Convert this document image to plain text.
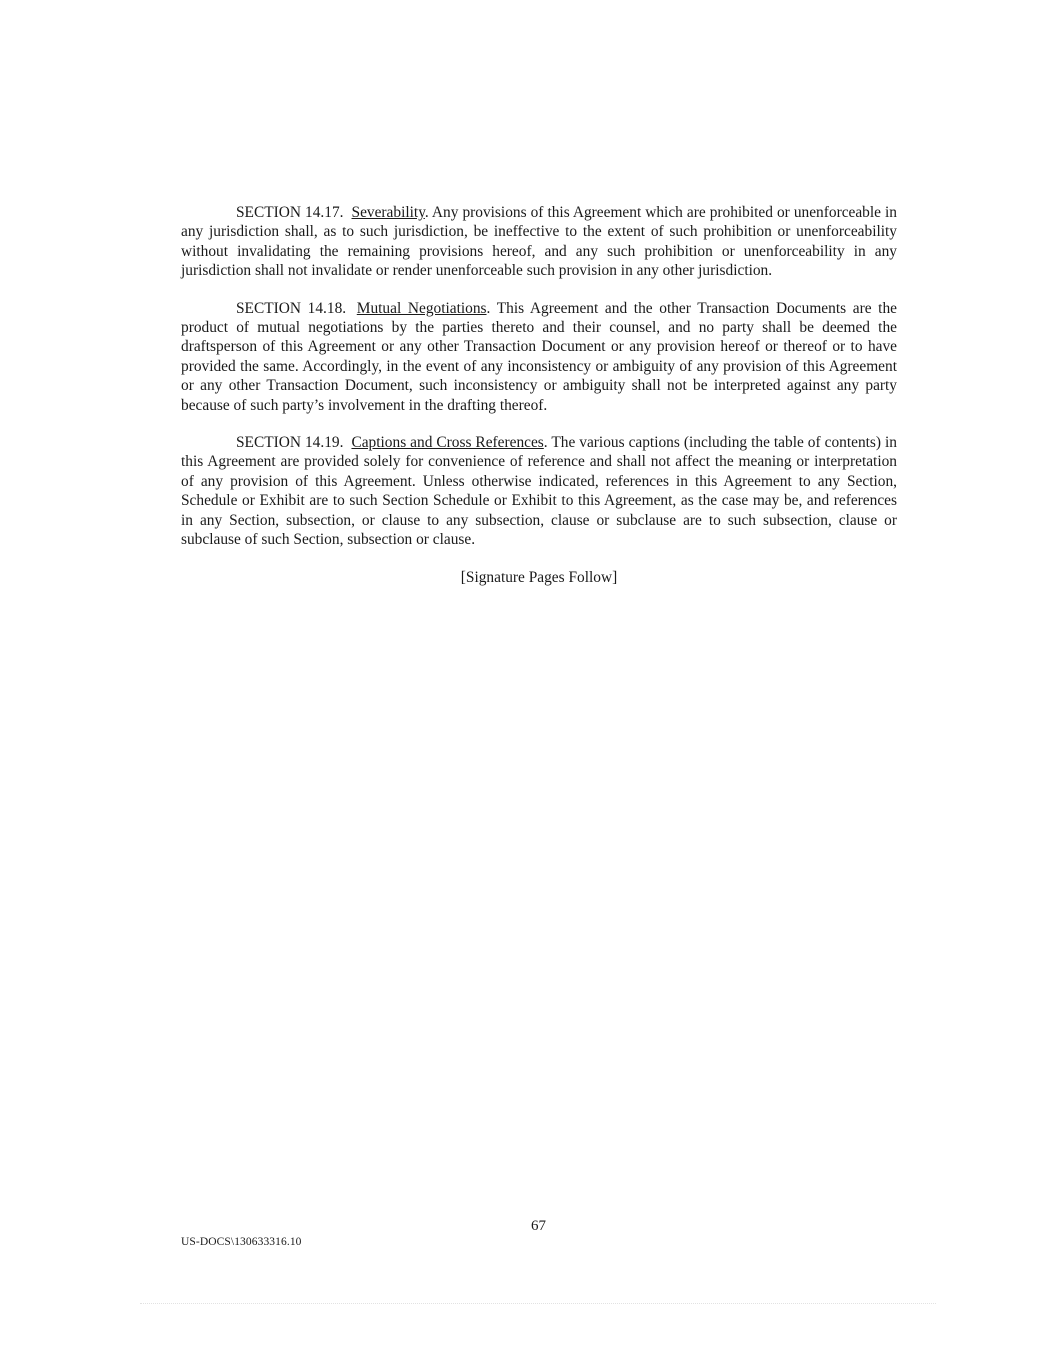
SECTION 14.17. Severability. Any provisions of this Agreement which are prohibited or unenforceable in any jurisdiction shall, as to such jurisdiction, be ineffective to the extent of such prohibition or unenforceability without invalidating the remaining provisions hereof, and any such prohibition or unenforceability in any jurisdiction shall not invalidate or render unenforceable such provision in any other jurisdiction.

SECTION 14.18. Mutual Negotiations. This Agreement and the other Transaction Documents are the product of mutual negotiations by the parties thereto and their counsel, and no party shall be deemed the draftsperson of this Agreement or any other Transaction Document or any provision hereof or thereof or to have provided the same. Accordingly, in the event of any inconsistency or ambiguity of any provision of this Agreement or any other Transaction Document, such inconsistency or ambiguity shall not be interpreted against any party because of such party’s involvement in the drafting thereof.

SECTION 14.19. Captions and Cross References. The various captions (including the table of contents) in this Agreement are provided solely for convenience of reference and shall not affect the meaning or interpretation of any provision of this Agreement. Unless otherwise indicated, references in this Agreement to any Section, Schedule or Exhibit are to such Section Schedule or Exhibit to this Agreement, as the case may be, and references in any Section, subsection, or clause to any subsection, clause or subclause are to such subsection, clause or subclause of such Section, subsection or clause.

[Signature Pages Follow]

67
US-DOCS\130633316.10
